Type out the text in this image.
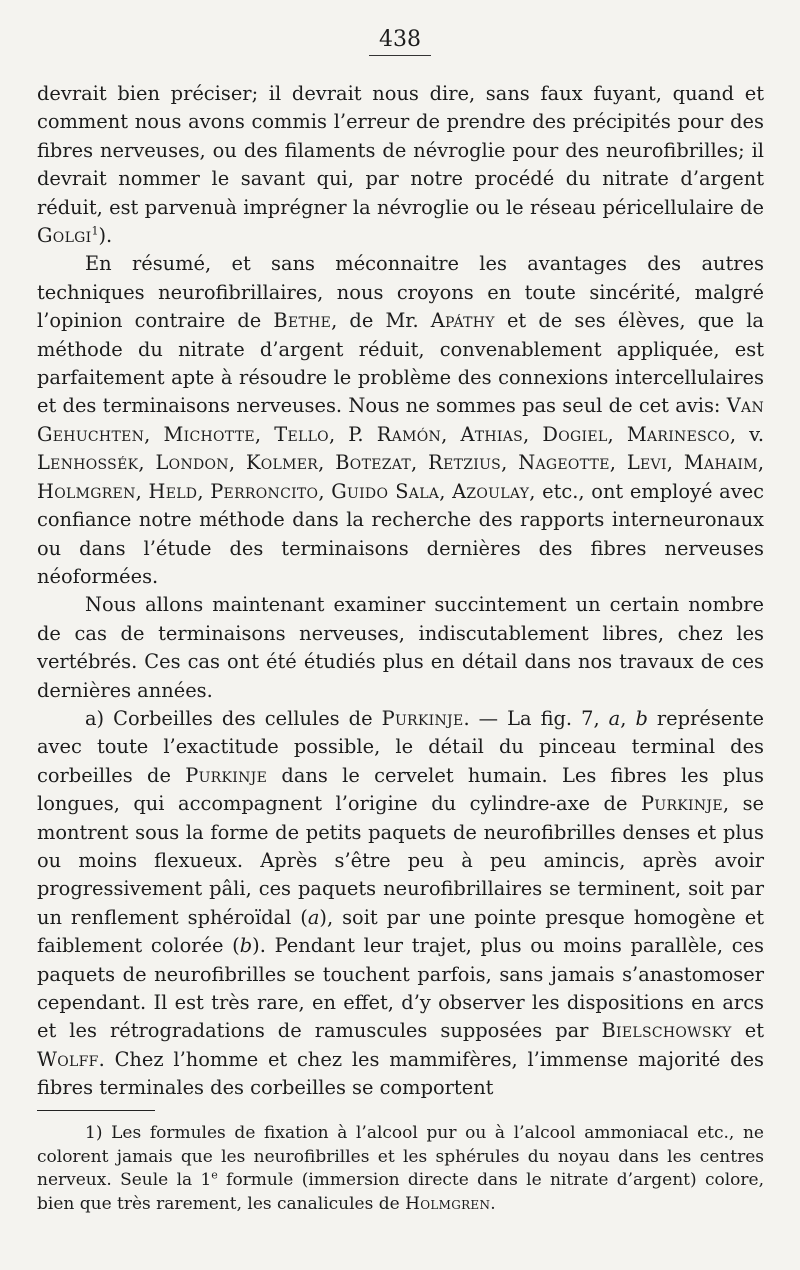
438

devrait bien préciser; il devrait nous dire, sans faux fuyant, quand et comment nous avons commis l’erreur de prendre des précipités pour des fibres nerveuses, ou des filaments de névroglie pour des neurofibrilles; il devrait nommer le savant qui, par notre procédé du nitrate d’argent réduit, est parvenuà imprégner la névroglie ou le réseau péricellulaire de Golgi$^1$).

En résumé, et sans méconnaitre les avantages des autres techniques neurofibrillaires, nous croyons en toute sincérité, malgré l’opinion contraire de Bethe, de Mr. Apáthy et de ses élèves, que la méthode du nitrate d’argent réduit, convenablement appliquée, est parfaitement apte à résoudre le problème des connexions intercellulaires et des terminaisons nerveuses. Nous ne sommes pas seul de cet avis: Van Gehuchten, Michotte, Tello, P. Ramón, Athias, Dogiel, Marinesco, v. Lenhossék, London, Kolmer, Botezat, Retzius, Nageotte, Levi, Mahaim, Holmgren, Held, Perroncito, Guido Sala, Azoulay, etc., ont employé avec confiance notre méthode dans la recherche des rapports interneuronaux ou dans l’étude des terminaisons dernières des fibres nerveuses néoformées.

Nous allons maintenant examiner succintement un certain nombre de cas de terminaisons nerveuses, indiscutablement libres, chez les vertébrés. Ces cas ont été étudiés plus en détail dans nos travaux de ces dernières années.

a) Corbeilles des cellules de Purkinje. — La fig. 7, a, b représente avec toute l’exactitude possible, le détail du pinceau terminal des corbeilles de Purkinje dans le cervelet humain. Les fibres les plus longues, qui accompagnent l’origine du cylindre-axe de Purkinje, se montrent sous la forme de petits paquets de neurofibrilles denses et plus ou moins flexueux. Après s’être peu à peu amincis, après avoir progressivement pâli, ces paquets neurofibrillaires se terminent, soit par un renflement sphéroïdal (a), soit par une pointe presque homogène et faiblement colorée (b). Pendant leur trajet, plus ou moins parallèle, ces paquets de neurofibrilles se touchent parfois, sans jamais s’anastomoser cependant. Il est très rare, en effet, d’y observer les dispositions en arcs et les rétrogradations de ramuscules supposées par Bielschowsky et Wolff. Chez l’homme et chez les mammifères, l’immense majorité des fibres terminales des corbeilles se comportent

1) Les formules de fixation à l’alcool pur ou à l’alcool ammoniacal etc., ne colorent jamais que les neurofibrilles et les sphérules du noyau dans les centres nerveux. Seule la 1e formule (immersion directe dans le nitrate d’argent) colore, bien que très rarement, les canalicules de Holmgren.
